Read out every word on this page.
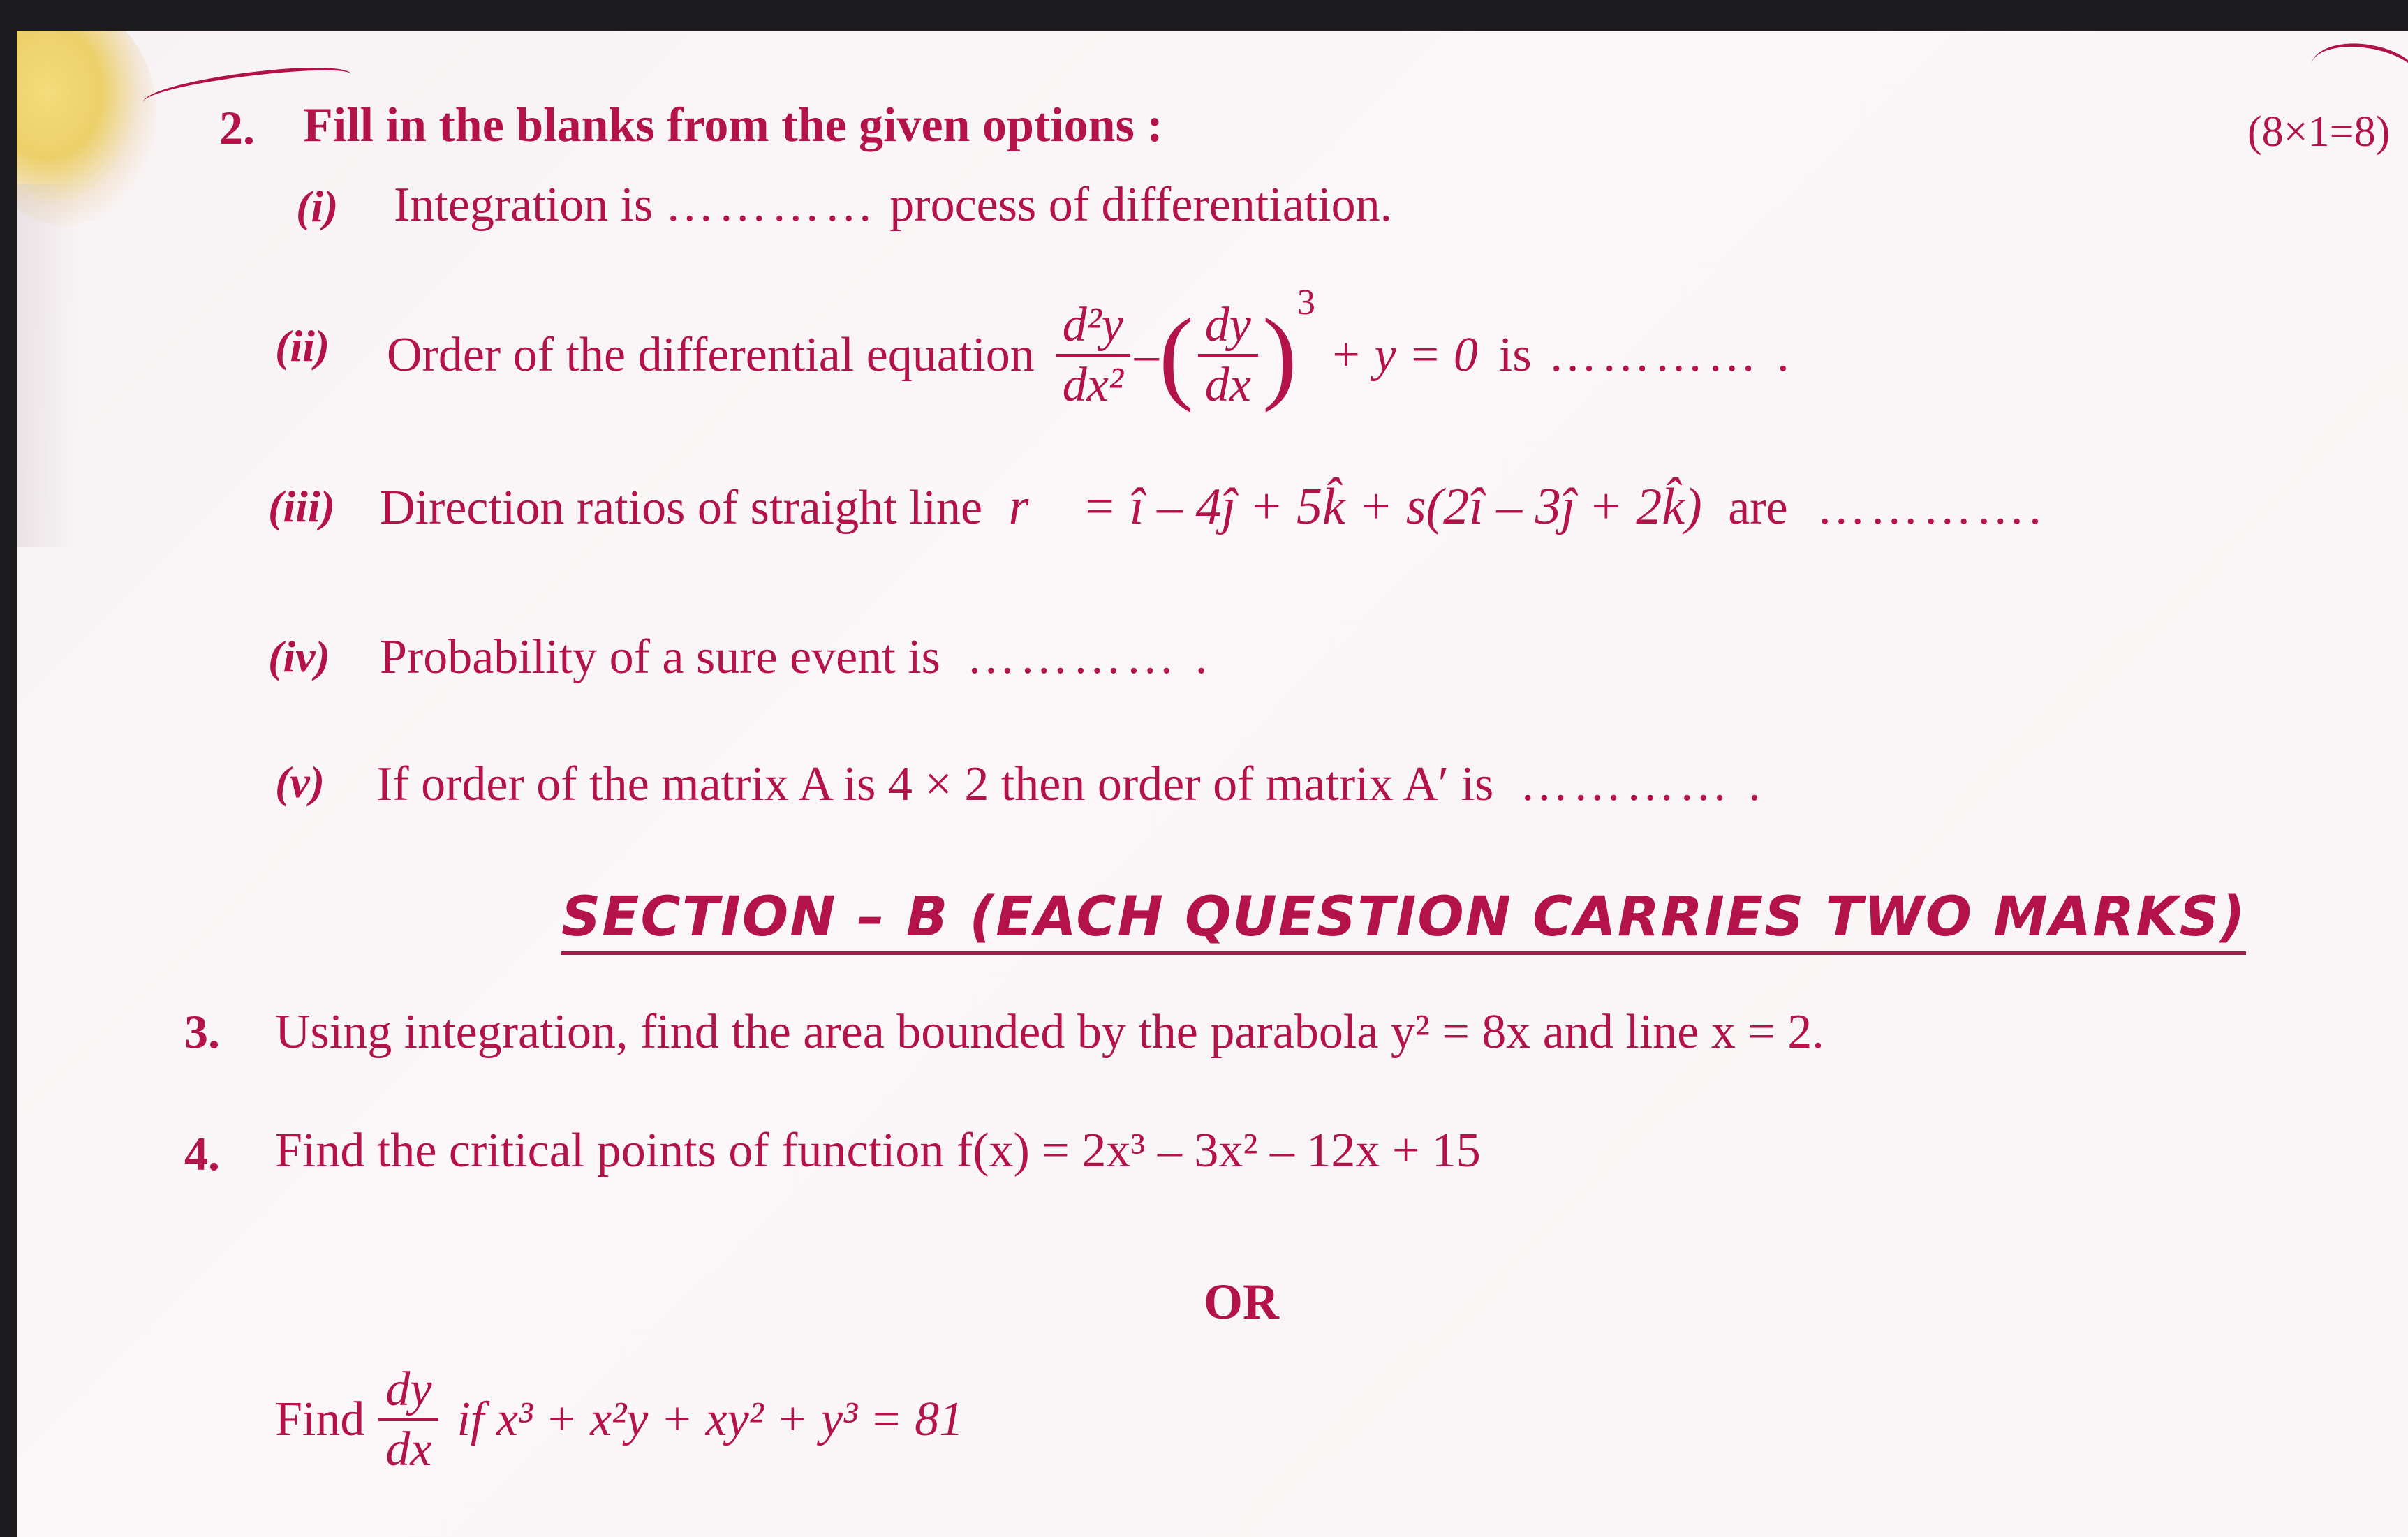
2. Fill in the blanks from the given options :	(8×1=8)
(i) Integration is ………… process of differentiation.
(ii) Order of the differential equation $\frac{\text{d²y}}{\text{dx²}}$ – ( $\frac{dy}{dx}$ ) 3
+ y = 0 is ………… .
(iii) Direction ratios of straight line r⃗ = î – 4ĵ + 5k̂ + s(2î – 3ĵ + 2k̂) are ………….
(iv) Probability of a sure event is ………… .
(v) If order of the matrix A is 4 × 2 then order of matrix A′ is ………… .
SECTION – B (EACH QUESTION CARRIES TWO MARKS)
3. Using integration, find the area bounded by the parabola y² = 8x and line x = 2.
4. Find the critical points of function f(x) = 2x³ – 3x² – 12x + 15
OR
Find $\frac{dy}{dx}$ if x³ + x²y + xy² + y³ = 81
